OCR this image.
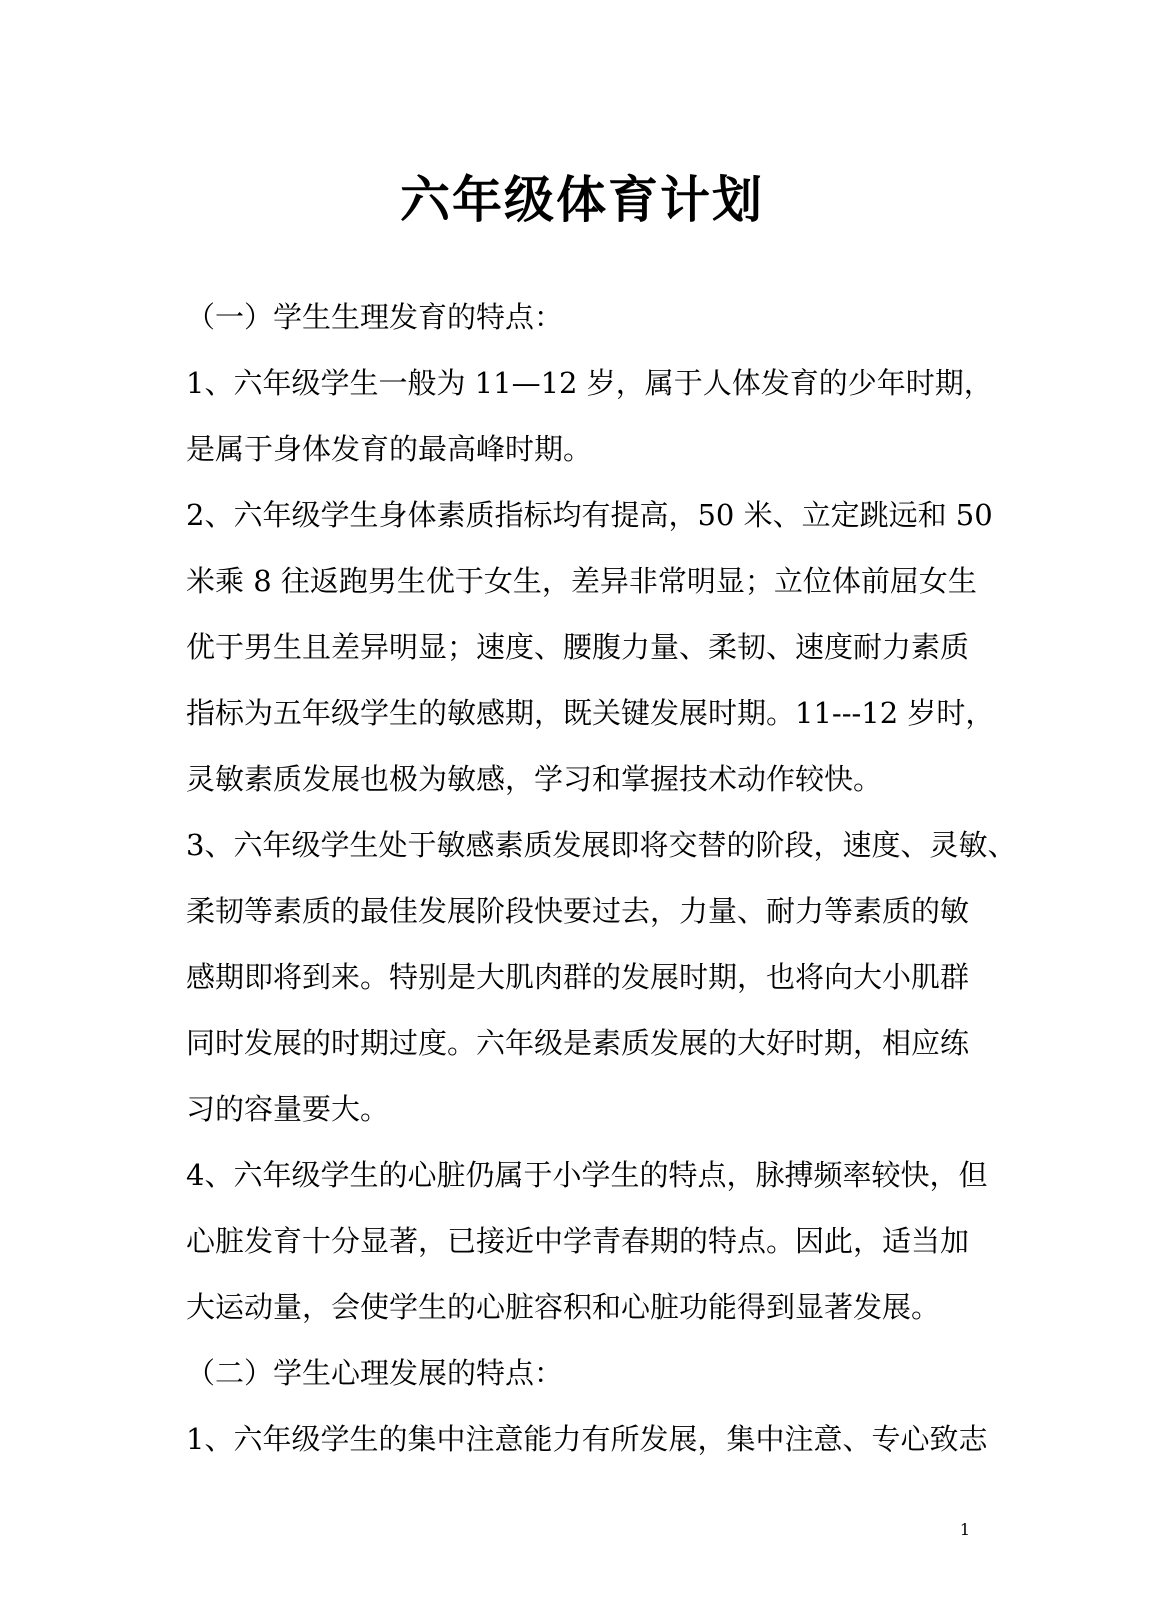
六年级体育计划
（一）学生生理发育的特点：
1、六年级学生一般为 11—12 岁，属于人体发育的少年时期，
是属于身体发育的最高峰时期。
2、六年级学生身体素质指标均有提高，50 米、立定跳远和 50
米乘 8 往返跑男生优于女生，差异非常明显；立位体前屈女生
优于男生且差异明显；速度、腰腹力量、柔韧、速度耐力素质
指标为五年级学生的敏感期，既关键发展时期。11---12 岁时，
灵敏素质发展也极为敏感，学习和掌握技术动作较快。
3、六年级学生处于敏感素质发展即将交替的阶段，速度、灵敏、
柔韧等素质的最佳发展阶段快要过去，力量、耐力等素质的敏
感期即将到来。特别是大肌肉群的发展时期，也将向大小肌群
同时发展的时期过度。六年级是素质发展的大好时期，相应练
习的容量要大。
4、六年级学生的心脏仍属于小学生的特点，脉搏频率较快，但
心脏发育十分显著，已接近中学青春期的特点。因此，适当加
大运动量，会使学生的心脏容积和心脏功能得到显著发展。
（二）学生心理发展的特点：
1、六年级学生的集中注意能力有所发展，集中注意、专心致志
1
